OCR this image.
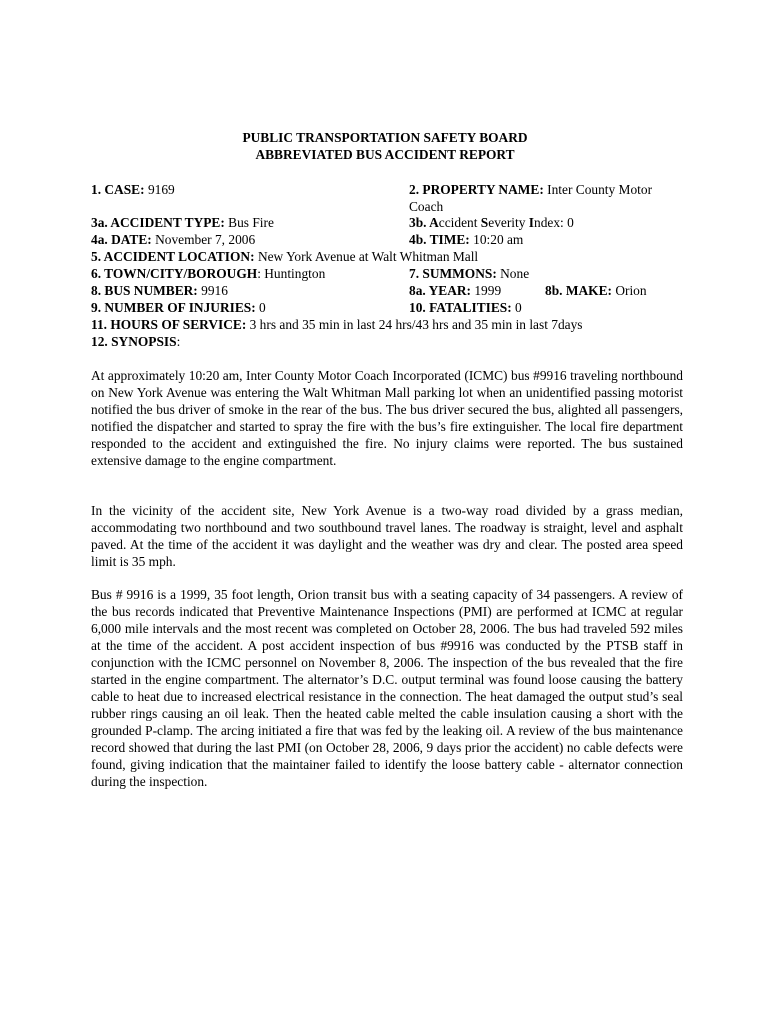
PUBLIC TRANSPORTATION SAFETY BOARD
ABBREVIATED BUS ACCIDENT REPORT
1. CASE: 9169	2. PROPERTY NAME: Inter County Motor
Coach
3a. ACCIDENT TYPE: Bus Fire	3b. Accident Severity Index: 0
4a. DATE: November 7, 2006	4b. TIME: 10:20 am
5. ACCIDENT LOCATION: New York Avenue at Walt Whitman Mall
6. TOWN/CITY/BOROUGH: Huntington	7. SUMMONS: None
8. BUS NUMBER: 9916	8a. YEAR: 1999	8b. MAKE: Orion
9. NUMBER OF INJURIES: 0	10. FATALITIES: 0
11. HOURS OF SERVICE: 3 hrs and 35 min in last 24 hrs/43 hrs and 35 min in last 7days
12. SYNOPSIS:

At approximately 10:20 am, Inter County Motor Coach Incorporated (ICMC) bus #9916 traveling northbound on New York Avenue was entering the Walt Whitman Mall parking lot when an unidentified passing motorist notified the bus driver of smoke in the rear of the bus. The bus driver secured the bus, alighted all passengers, notified the dispatcher and started to spray the fire with the bus’s fire extinguisher. The local fire department responded to the accident and extinguished the fire. No injury claims were reported. The bus sustained extensive damage to the engine compartment.

In the vicinity of the accident site, New York Avenue is a two-way road divided by a grass median, accommodating two northbound and two southbound travel lanes. The roadway is straight, level and asphalt paved. At the time of the accident it was daylight and the weather was dry and clear. The posted area speed limit is 35 mph.

Bus # 9916 is a 1999, 35 foot length, Orion transit bus with a seating capacity of 34 passengers. A review of the bus records indicated that Preventive Maintenance Inspections (PMI) are performed at ICMC at regular 6,000 mile intervals and the most recent was completed on October 28, 2006. The bus had traveled 592 miles at the time of the accident. A post accident inspection of bus #9916 was conducted by the PTSB staff in conjunction with the ICMC personnel on November 8, 2006. The inspection of the bus revealed that the fire started in the engine compartment. The alternator’s D.C. output terminal was found loose causing the battery cable to heat due to increased electrical resistance in the connection. The heat damaged the output stud’s seal rubber rings causing an oil leak. Then the heated cable melted the cable insulation causing a short with the grounded P-clamp. The arcing initiated a fire that was fed by the leaking oil. A review of the bus maintenance record showed that during the last PMI (on October 28, 2006, 9 days prior the accident) no cable defects were found, giving indication that the maintainer failed to identify the loose battery cable - alternator connection during the inspection.
